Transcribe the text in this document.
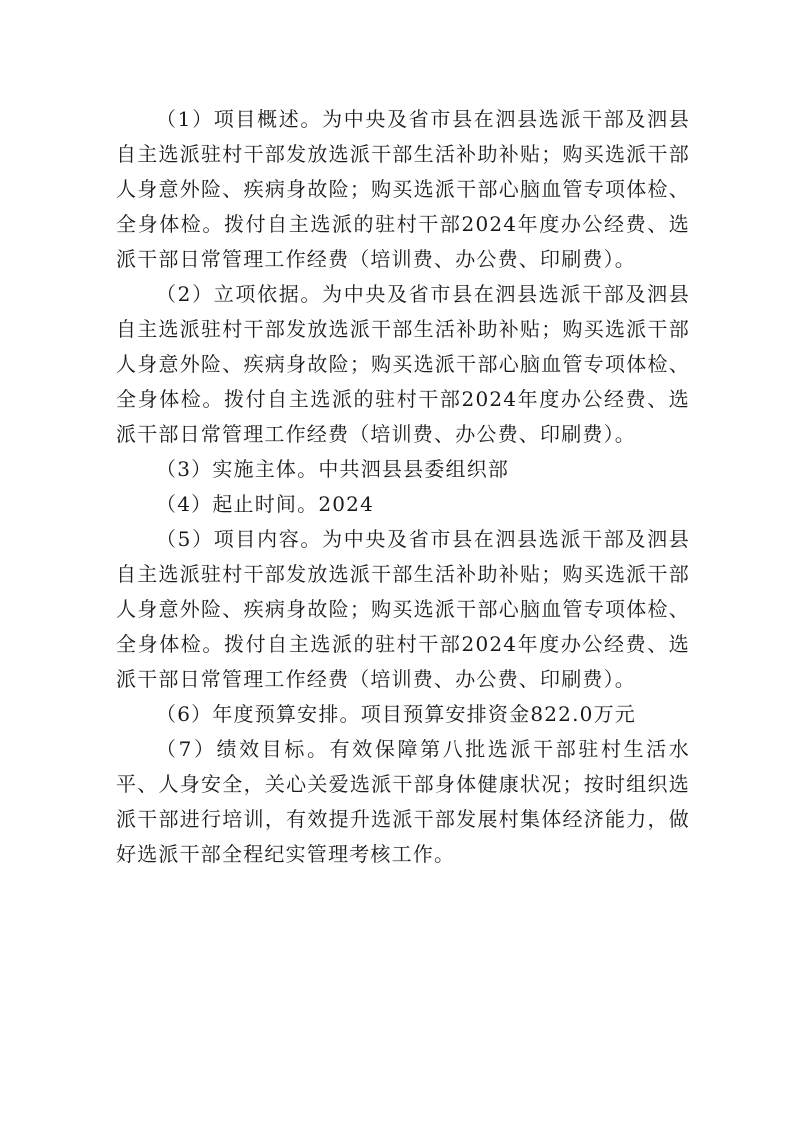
（1）项目概述。为中央及省市县在泗县选派干部及泗县自主选派驻村干部发放选派干部生活补助补贴；购买选派干部人身意外险、疾病身故险；购买选派干部心脑血管专项体检、全身体检。拨付自主选派的驻村干部2024年度办公经费、选派干部日常管理工作经费（培训费、办公费、印刷费）。

（2）立项依据。为中央及省市县在泗县选派干部及泗县自主选派驻村干部发放选派干部生活补助补贴；购买选派干部人身意外险、疾病身故险；购买选派干部心脑血管专项体检、全身体检。拨付自主选派的驻村干部2024年度办公经费、选派干部日常管理工作经费（培训费、办公费、印刷费）。

（3）实施主体。中共泗县县委组织部

（4）起止时间。2024

（5）项目内容。为中央及省市县在泗县选派干部及泗县自主选派驻村干部发放选派干部生活补助补贴；购买选派干部人身意外险、疾病身故险；购买选派干部心脑血管专项体检、全身体检。拨付自主选派的驻村干部2024年度办公经费、选派干部日常管理工作经费（培训费、办公费、印刷费）。

（6）年度预算安排。项目预算安排资金822.0万元

（7）绩效目标。有效保障第八批选派干部驻村生活水平、人身安全，关心关爱选派干部身体健康状况；按时组织选派干部进行培训，有效提升选派干部发展村集体经济能力，做好选派干部全程纪实管理考核工作。
